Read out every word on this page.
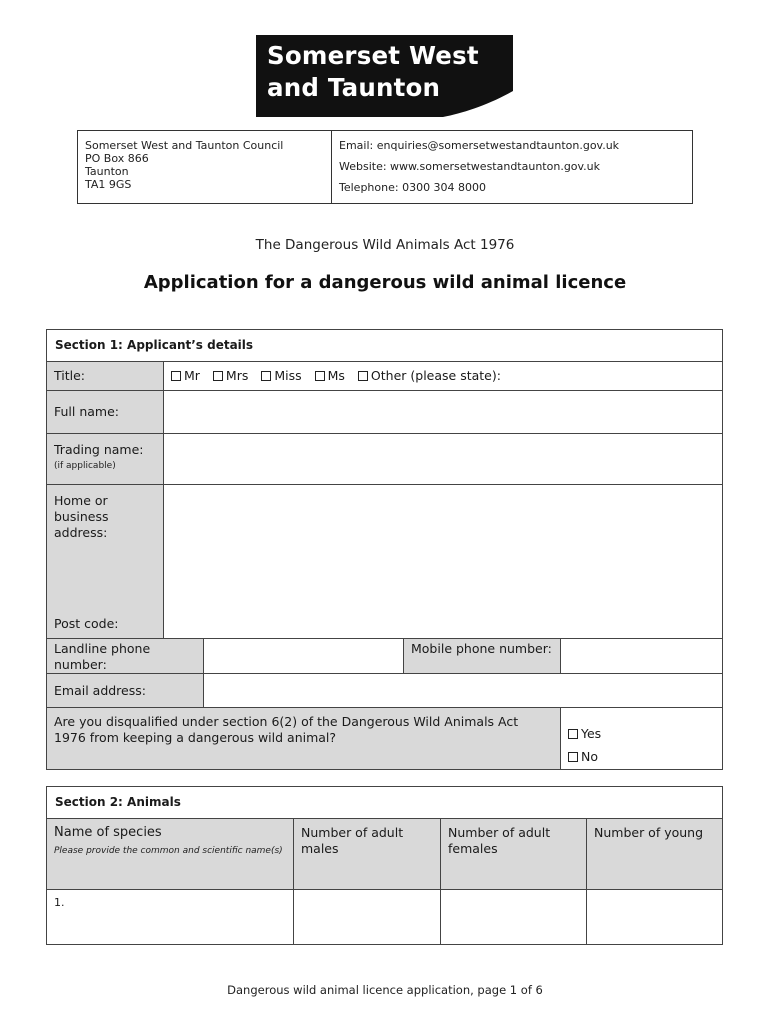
Somerset West
and Taunton
Somerset West and Taunton Council
PO Box 866
Taunton
TA1 9GS
Email: enquiries@somersetwestandtaunton.gov.uk
Website: www.somersetwestandtaunton.gov.uk
Telephone: 0300 304 8000
The Dangerous Wild Animals Act 1976
Application for a dangerous wild animal licence
Section 1: Applicant’s details
Title:	Mr Mrs Miss Ms Other (please state):
Full name:
Trading name:
(if applicable)
Home or business address:
Post code:
Landline phone number:
Mobile phone number:
Email address:
Are you disqualified under section 6(2) of the Dangerous Wild Animals Act 1976 from keeping a dangerous wild animal?	Yes
No
Section 2: Animals
Name of species
Please provide the common and scientific name(s)
Number of adult males
Number of adult females
Number of young
1.
Dangerous wild animal licence application, page 1 of 6
